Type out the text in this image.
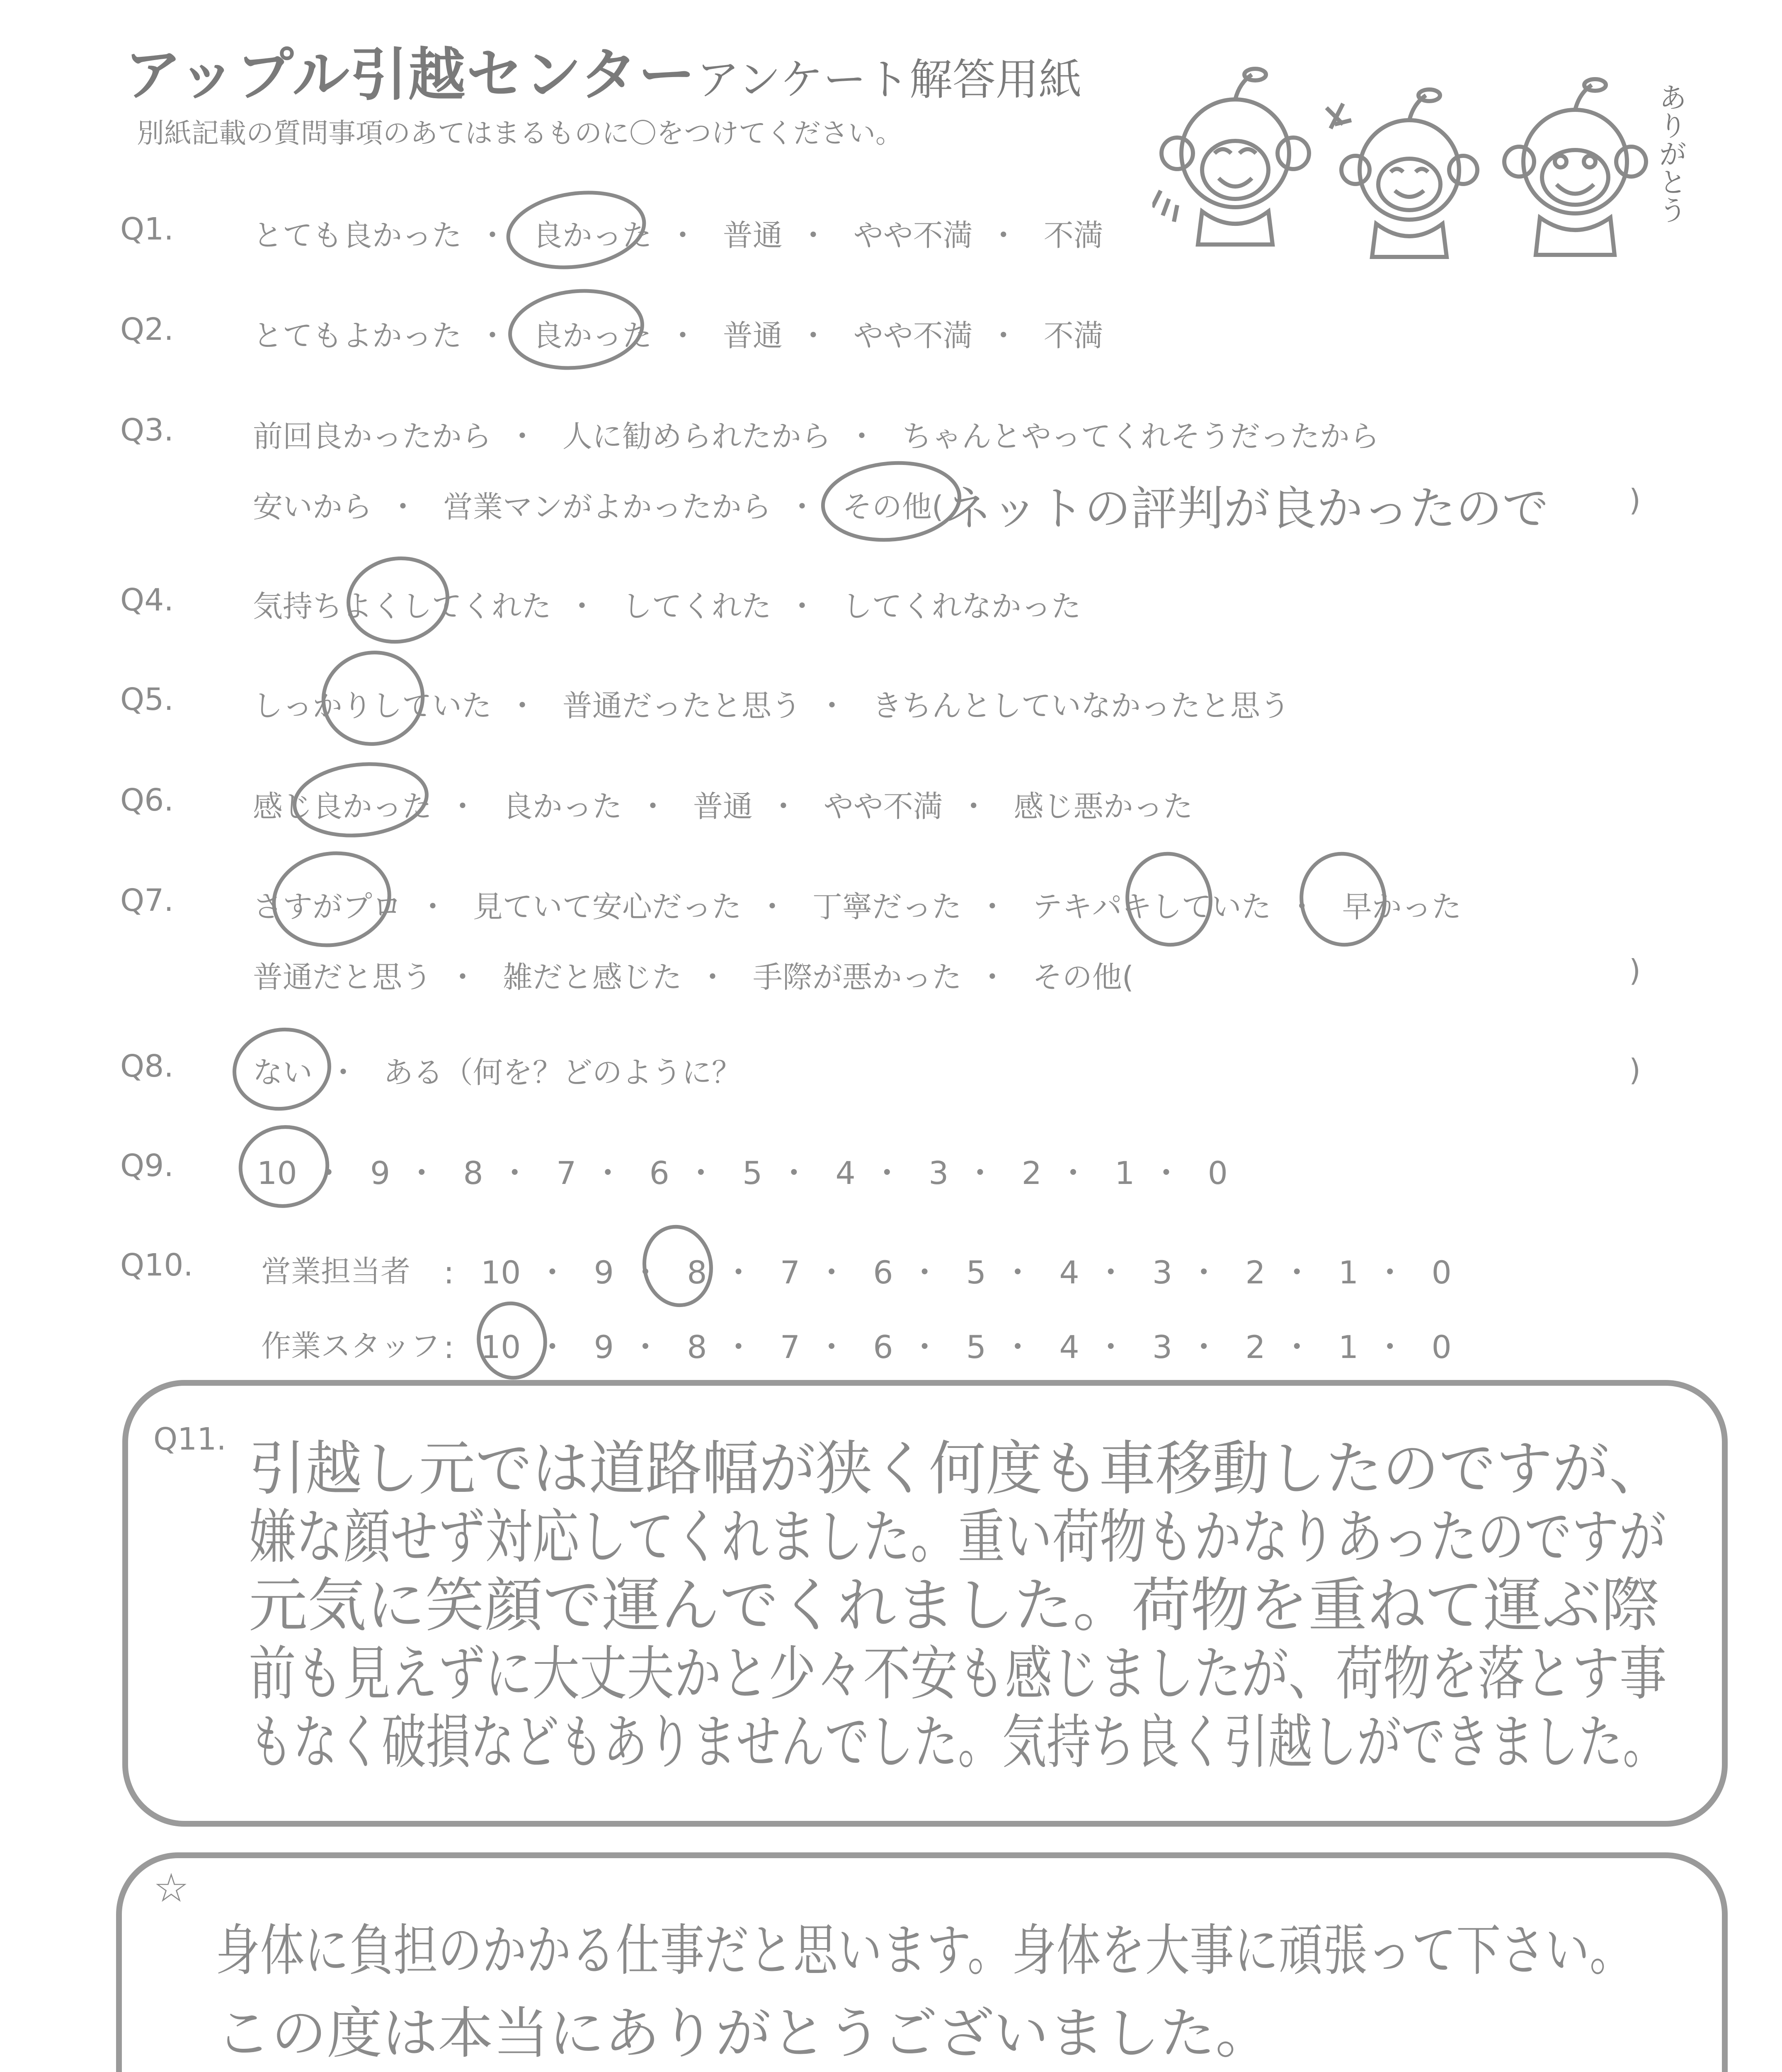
アップル引越センター アンケート解答用紙
別紙記載の質問事項のあてはまるものに〇をつけてください。	ありがとう
Q1.	とても良かった ・ 良かった ・ 普通 ・ やや不満 ・ 不満
Q2.	とてもよかった ・ 良かった ・ 普通 ・ やや不満 ・ 不満
Q3.	前回良かったから ・ 人に勧められたから ・ ちゃんとやってくれそうだったから
安いから ・ 営業マンがよかったから ・ その他( ネットの評判が良かったので	)
Q4.	気持ちよくしてくれた ・ してくれた ・ してくれなかった
Q5.	しっかりしていた ・ 普通だったと思う ・ きちんとしていなかったと思う
Q6.	感じ良かった ・ 良かった ・ 普通 ・ やや不満 ・ 感じ悪かった
Q7.	さすがプロ ・ 見ていて安心だった ・ 丁寧だった ・ テキパキしていた ・ 早かった
普通だと思う ・ 雑だと感じた ・ 手際が悪かった ・ その他(	)
Q8.	ない ・ ある（何を？どのように？	)
Q9.	10 ・ 9 ・ 8 ・ 7 ・ 6 ・ 5 ・ 4 ・ 3 ・ 2 ・ 1 ・ 0
Q10. 営業担当者 : 10 ・ 9 ・ 8 ・ 7 ・ 6 ・ 5 ・ 4 ・ 3 ・ 2 ・ 1 ・ 0
作業スタッフ : 10 ・ 9 ・ 8 ・ 7 ・ 6 ・ 5 ・ 4 ・ 3 ・ 2 ・ 1 ・ 0
Q11. 引越し元では道路幅が狭く何度も車移動したのですが、
嫌な顔せず対応してくれました。重い荷物もかなりあったのですが
元気に笑顔で運んでくれました。荷物を重ねて運ぶ際
前も見えずに大丈夫かと少々不安も感じましたが、荷物を落とす事
もなく破損などもありませんでした。気持ち良く引越しができました。
☆
身体に負担のかかる仕事だと思います。身体を大事に頑張って下さい。
この度は本当にありがとうございました。
